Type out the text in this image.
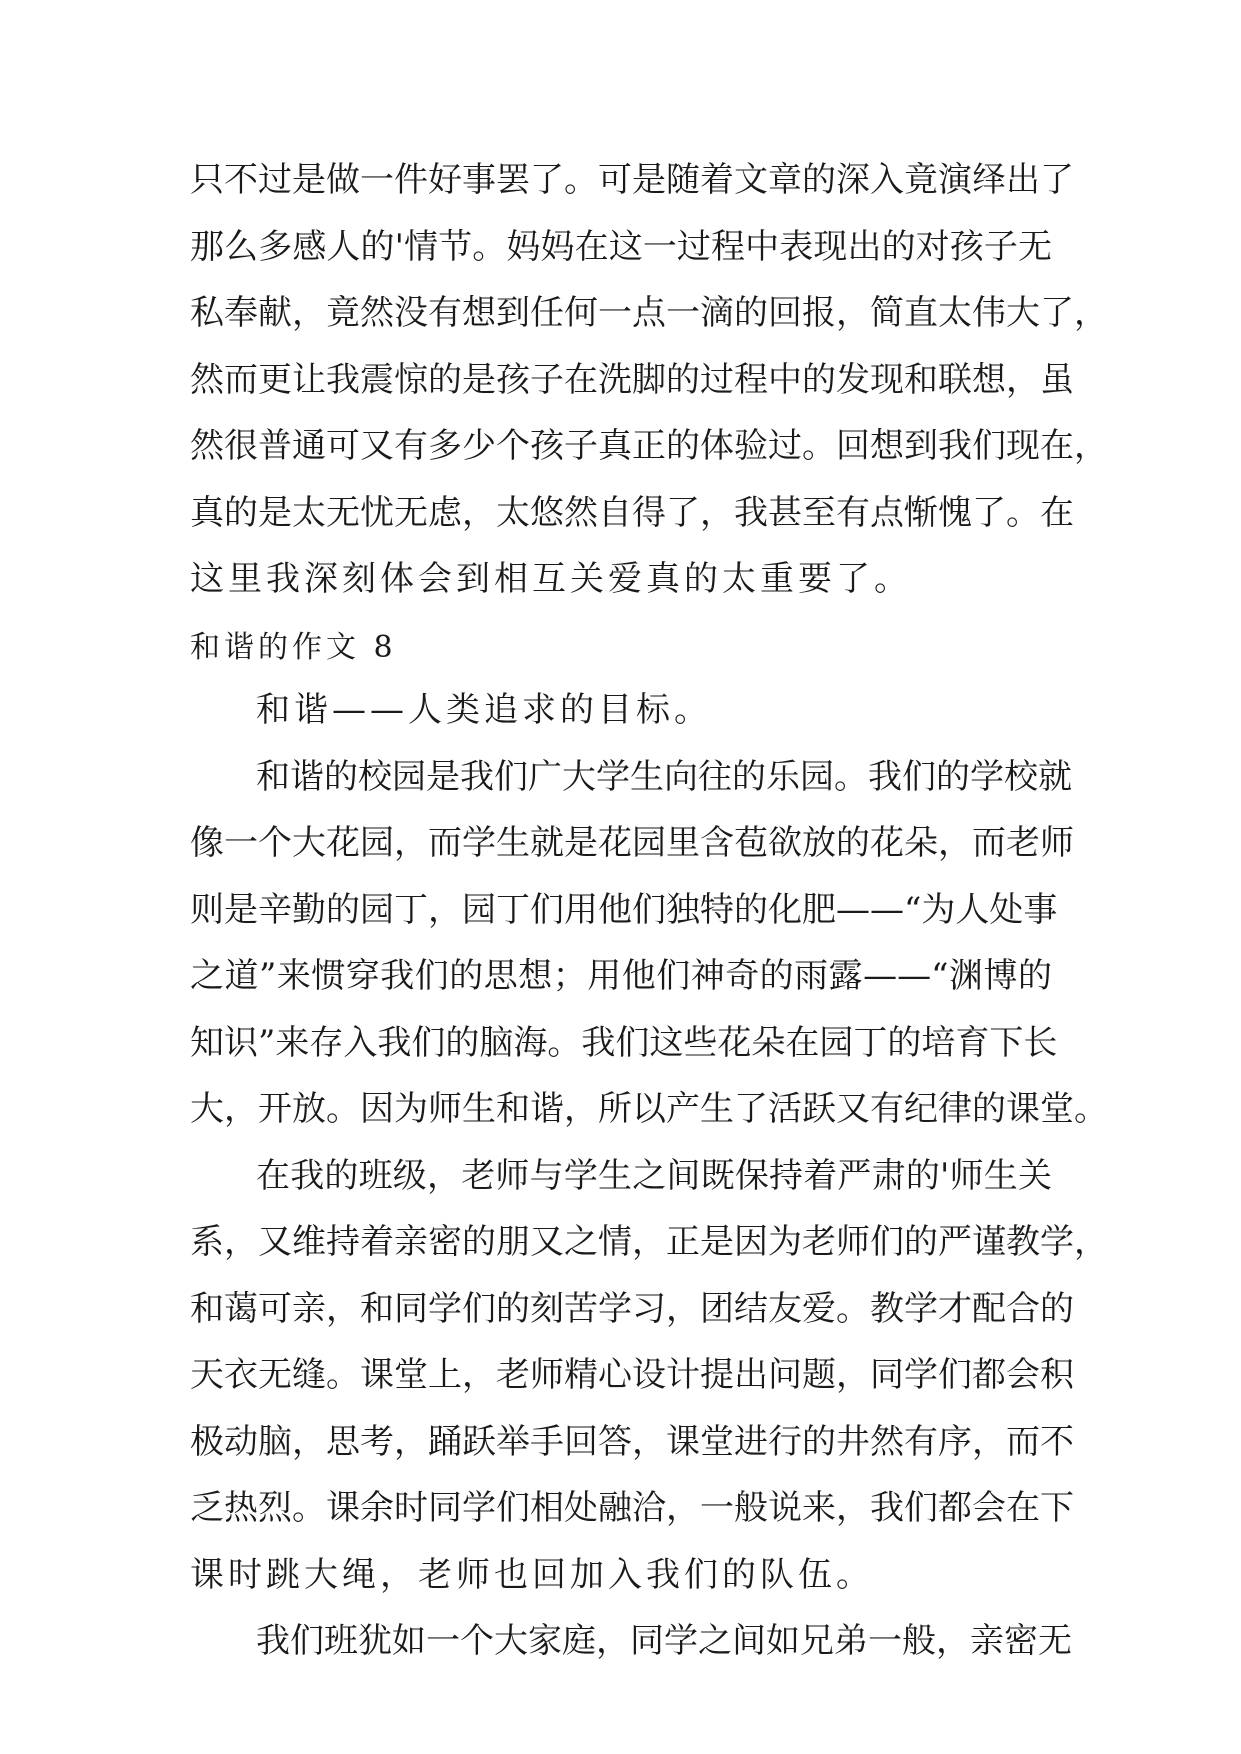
只不过是做一件好事罢了。可是随着文章的深入竟演绎出了
那么多感人的'情节。妈妈在这一过程中表现出的对孩子无
私奉献，竟然没有想到任何一点一滴的回报，简直太伟大了，
然而更让我震惊的是孩子在洗脚的过程中的发现和联想，虽
然很普通可又有多少个孩子真正的体验过。回想到我们现在，
真的是太无忧无虑，太悠然自得了，我甚至有点惭愧了。在
这里我深刻体会到相互关爱真的太重要了。
和谐的作文 8
和谐——人类追求的目标。
和谐的校园是我们广大学生向往的乐园。我们的学校就
像一个大花园，而学生就是花园里含苞欲放的花朵，而老师
则是辛勤的园丁，园丁们用他们独特的化肥——“为人处事
之道”来惯穿我们的思想；用他们神奇的雨露——“渊博的
知识”来存入我们的脑海。我们这些花朵在园丁的培育下长
大，开放。因为师生和谐，所以产生了活跃又有纪律的课堂。
在我的班级，老师与学生之间既保持着严肃的'师生关
系，又维持着亲密的朋又之情，正是因为老师们的严谨教学，
和蔼可亲，和同学们的刻苦学习，团结友爱。教学才配合的
天衣无缝。课堂上，老师精心设计提出问题，同学们都会积
极动脑，思考，踊跃举手回答，课堂进行的井然有序，而不
乏热烈。课余时同学们相处融洽，一般说来，我们都会在下
课时跳大绳，老师也回加入我们的队伍。
我们班犹如一个大家庭，同学之间如兄弟一般，亲密无
